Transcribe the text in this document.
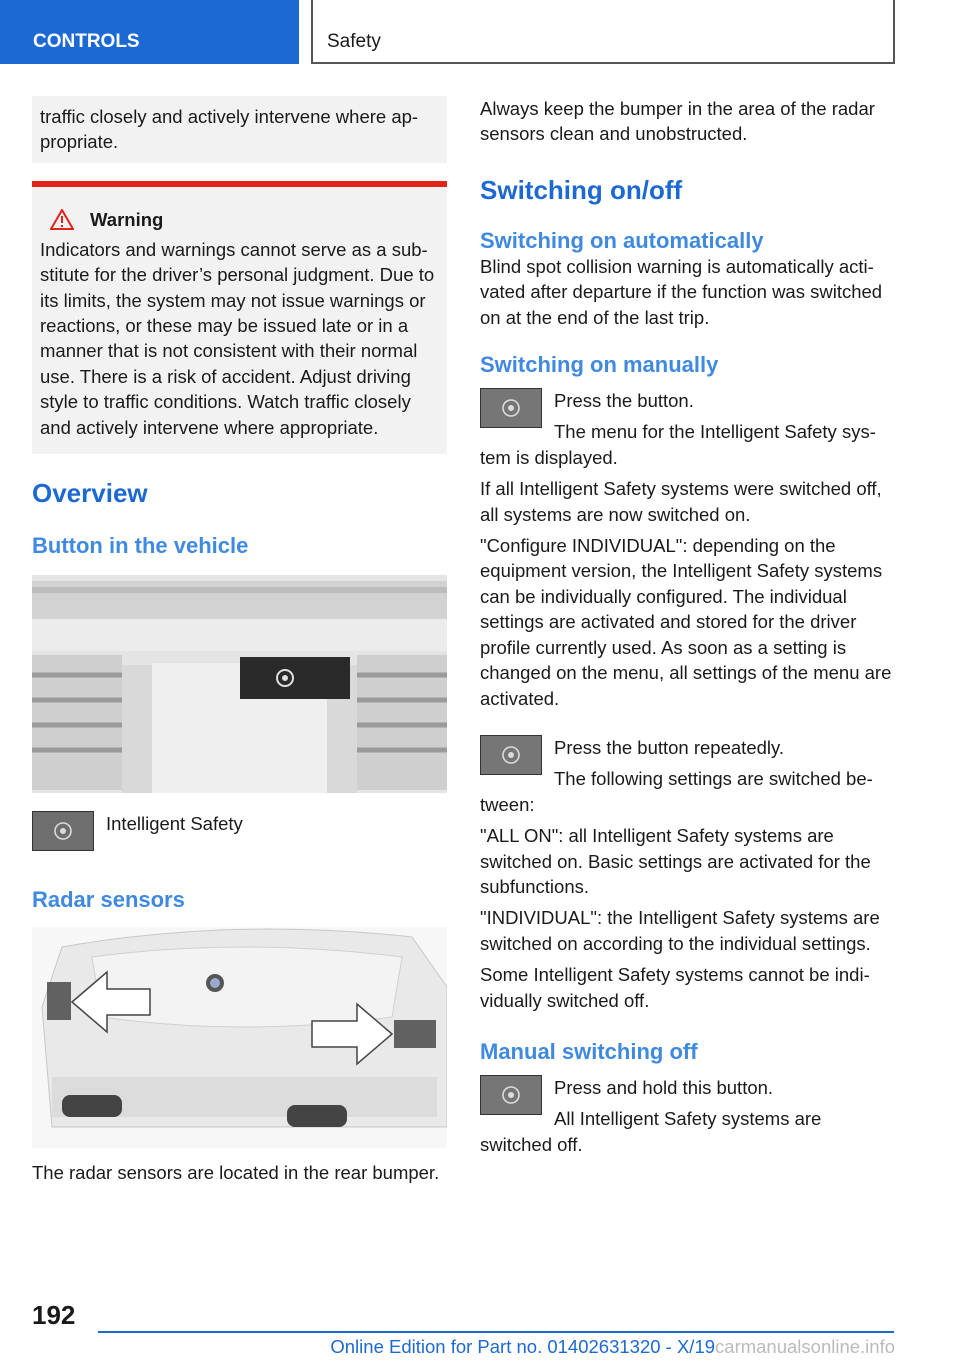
CONTROLS	Safety

traffic closely and actively intervene where appropriate.

Warning

Indicators and warnings cannot serve as a substitute for the driver’s personal judgment. Due to its limits, the system may not issue warnings or reactions, or these may be issued late or in a manner that is not consistent with their normal use. There is a risk of accident. Adjust driving style to traffic conditions. Watch traffic closely and actively intervene where appropriate.

Overview
Button in the vehicle

Intelligent Safety

Radar sensors

The radar sensors are located in the rear bumper.

Always keep the bumper in the area of the radar sensors clean and unobstructed.

Switching on/off
Switching on automatically

Blind spot collision warning is automatically activated after departure if the function was switched on at the end of the last trip.

Switching on manually

Press the button.

The menu for the Intelligent Safety system is displayed.

If all Intelligent Safety systems were switched off, all systems are now switched on.

"Configure INDIVIDUAL": depending on the equipment version, the Intelligent Safety systems can be individually configured. The individual settings are activated and stored for the driver profile currently used. As soon as a setting is changed on the menu, all settings of the menu are activated.

Press the button repeatedly.

The following settings are switched between:

"ALL ON": all Intelligent Safety systems are switched on. Basic settings are activated for the subfunctions.

"INDIVIDUAL": the Intelligent Safety systems are switched on according to the individual settings.

Some Intelligent Safety systems cannot be individually switched off.

Manual switching off

Press and hold this button.

All Intelligent Safety systems are switched off.

192
Online Edition for Part no. 01402631320 - X/19carmanualsonline.info
